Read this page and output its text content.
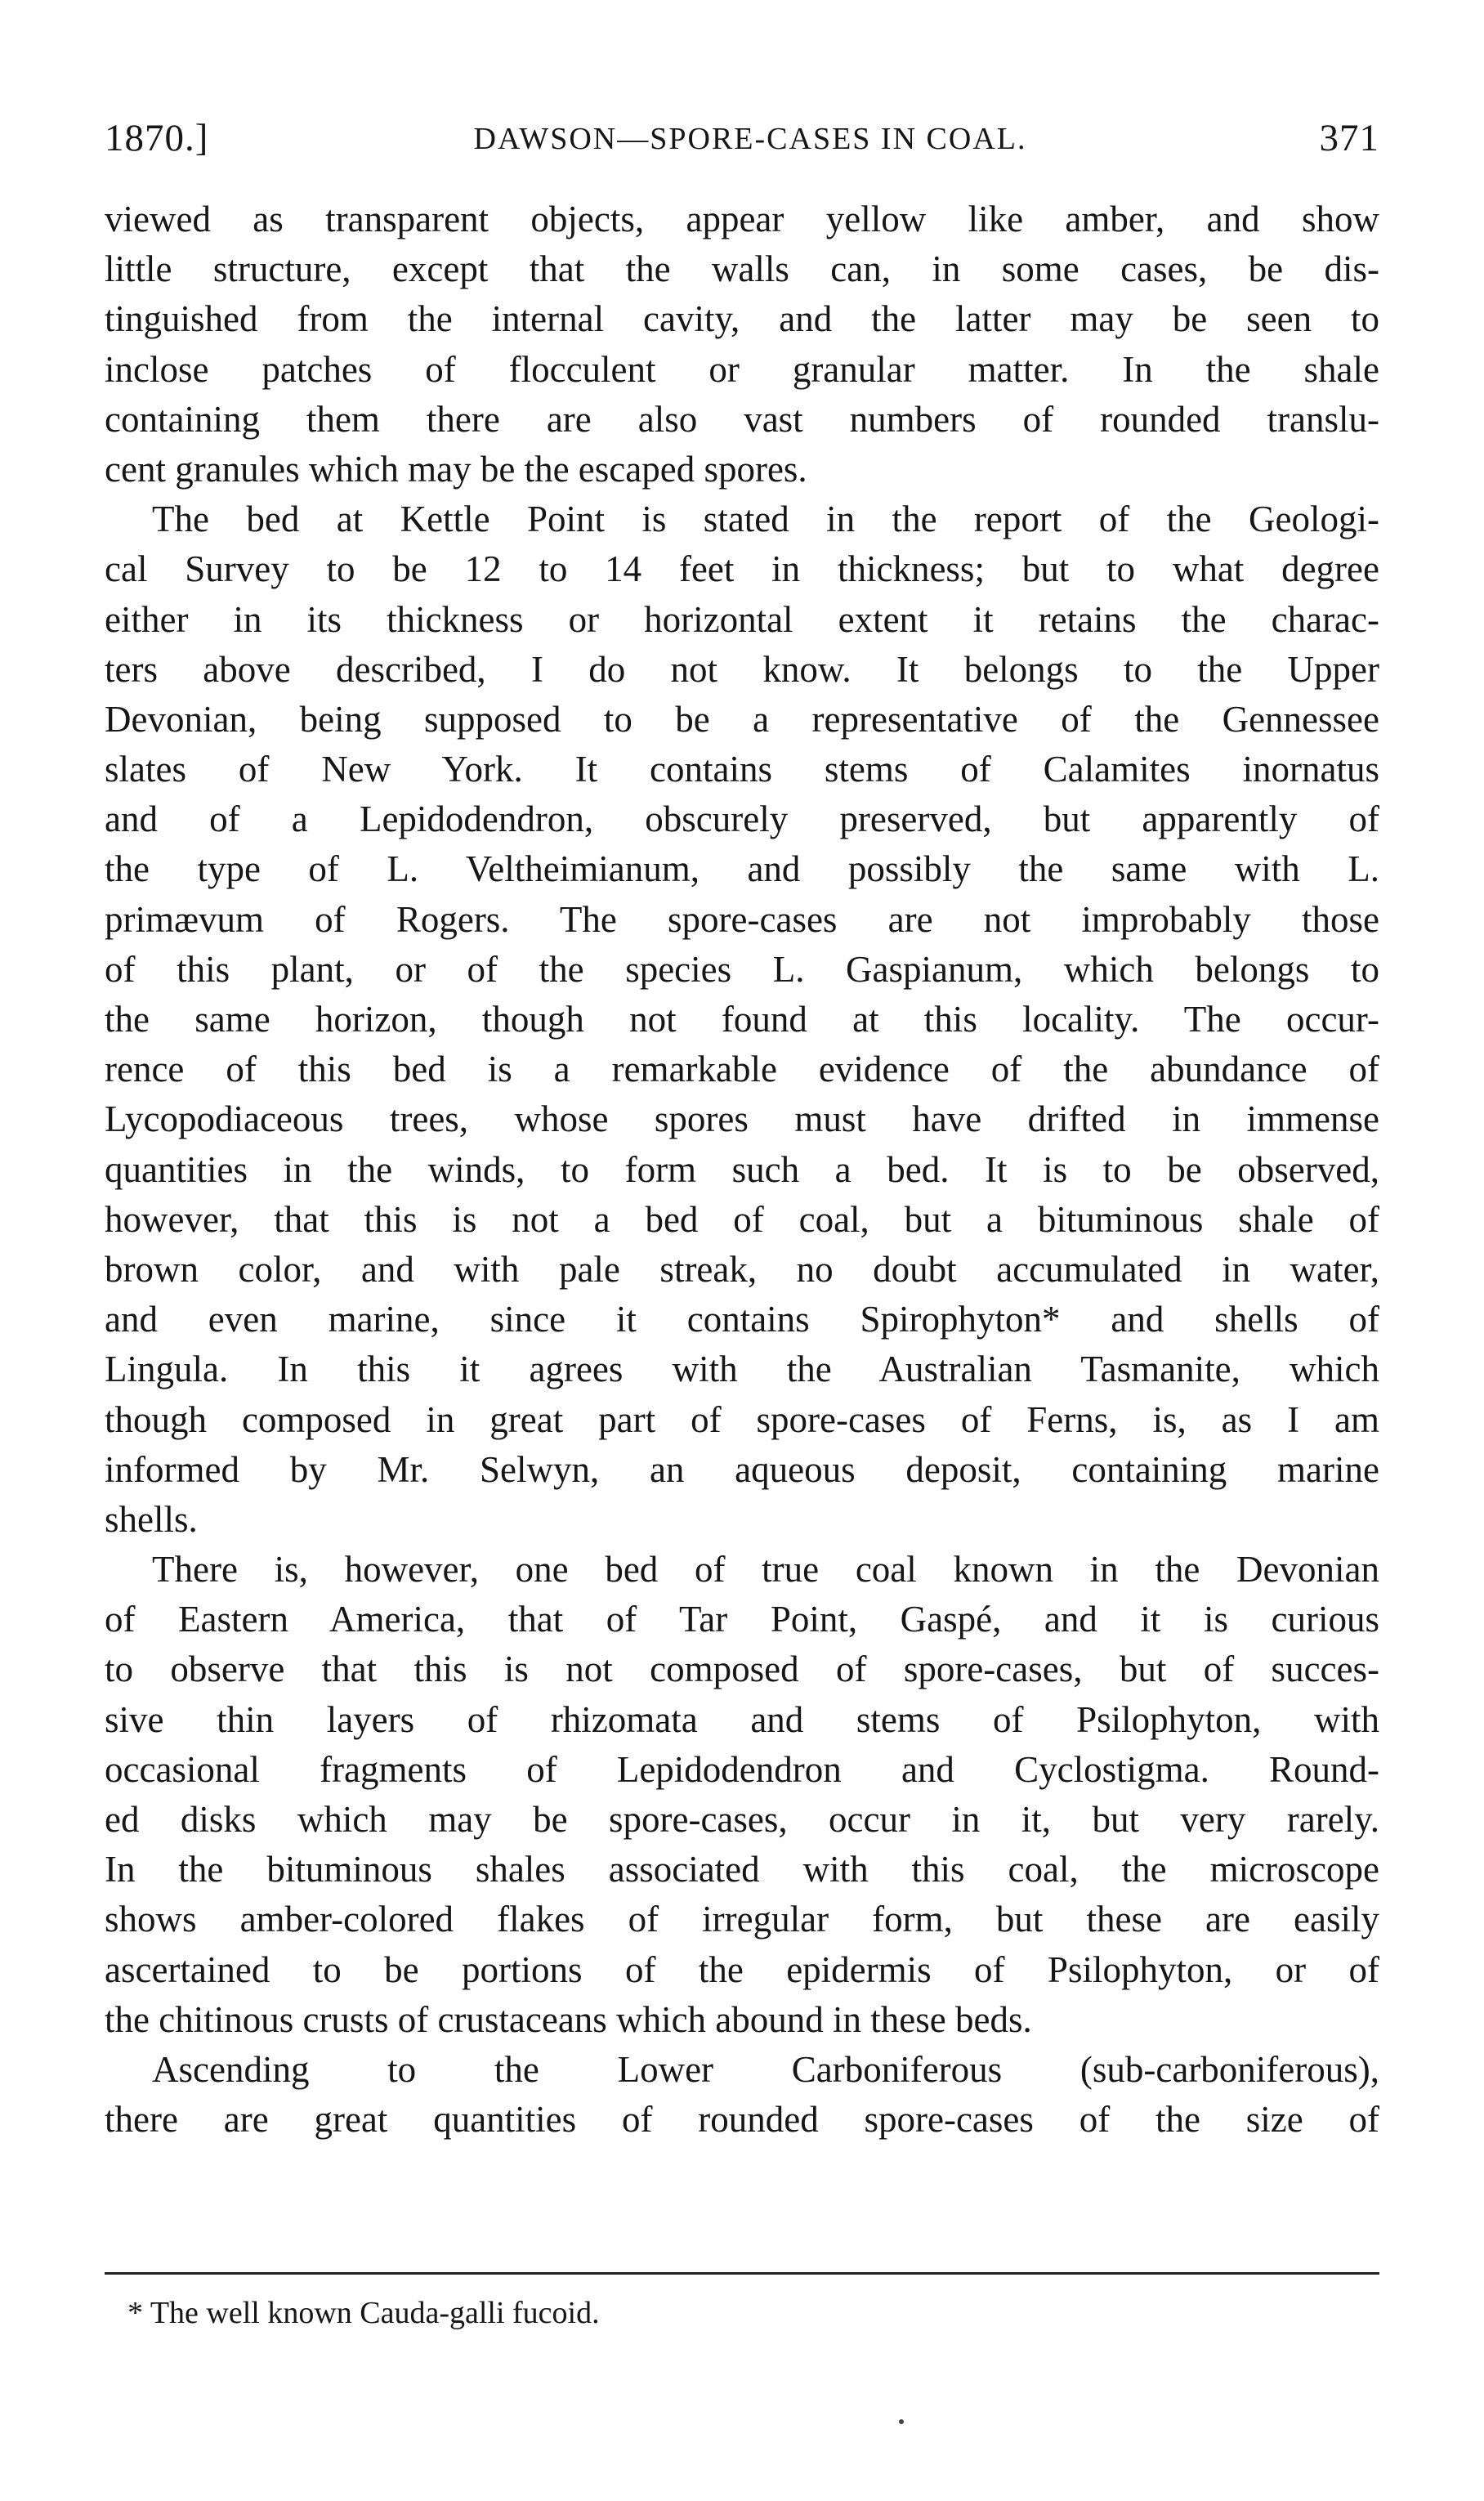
1870.]	DAWSON—SPORE-CASES IN COAL.	371
viewed as transparent objects, appear yellow like amber, and show
little structure, except that the walls can, in some cases, be dis-
tinguished from the internal cavity, and the latter may be seen to
inclose patches of flocculent or granular matter. In the shale
containing them there are also vast numbers of rounded translu-
cent granules which may be the escaped spores.
The bed at Kettle Point is stated in the report of the Geologi-
cal Survey to be 12 to 14 feet in thickness; but to what degree
either in its thickness or horizontal extent it retains the charac-
ters above described, I do not know. It belongs to the Upper
Devonian, being supposed to be a representative of the Gennessee
slates of New York. It contains stems of Calamites inornatus
and of a Lepidodendron, obscurely preserved, but apparently of
the type of L. Veltheimianum, and possibly the same with L.
primævum of Rogers. The spore-cases are not improbably those
of this plant, or of the species L. Gaspianum, which belongs to
the same horizon, though not found at this locality. The occur-
rence of this bed is a remarkable evidence of the abundance of
Lycopodiaceous trees, whose spores must have drifted in immense
quantities in the winds, to form such a bed. It is to be observed,
however, that this is not a bed of coal, but a bituminous shale of
brown color, and with pale streak, no doubt accumulated in water,
and even marine, since it contains Spirophyton* and shells of
Lingula. In this it agrees with the Australian Tasmanite, which
though composed in great part of spore-cases of Ferns, is, as I am
informed by Mr. Selwyn, an aqueous deposit, containing marine
shells.
There is, however, one bed of true coal known in the Devonian
of Eastern America, that of Tar Point, Gaspé, and it is curious
to observe that this is not composed of spore-cases, but of succes-
sive thin layers of rhizomata and stems of Psilophyton, with
occasional fragments of Lepidodendron and Cyclostigma. Round-
ed disks which may be spore-cases, occur in it, but very rarely.
In the bituminous shales associated with this coal, the microscope
shows amber-colored flakes of irregular form, but these are easily
ascertained to be portions of the epidermis of Psilophyton, or of
the chitinous crusts of crustaceans which abound in these beds.
Ascending to the Lower Carboniferous (sub-carboniferous),
there are great quantities of rounded spore-cases of the size of
* The well known Cauda-galli fucoid.
